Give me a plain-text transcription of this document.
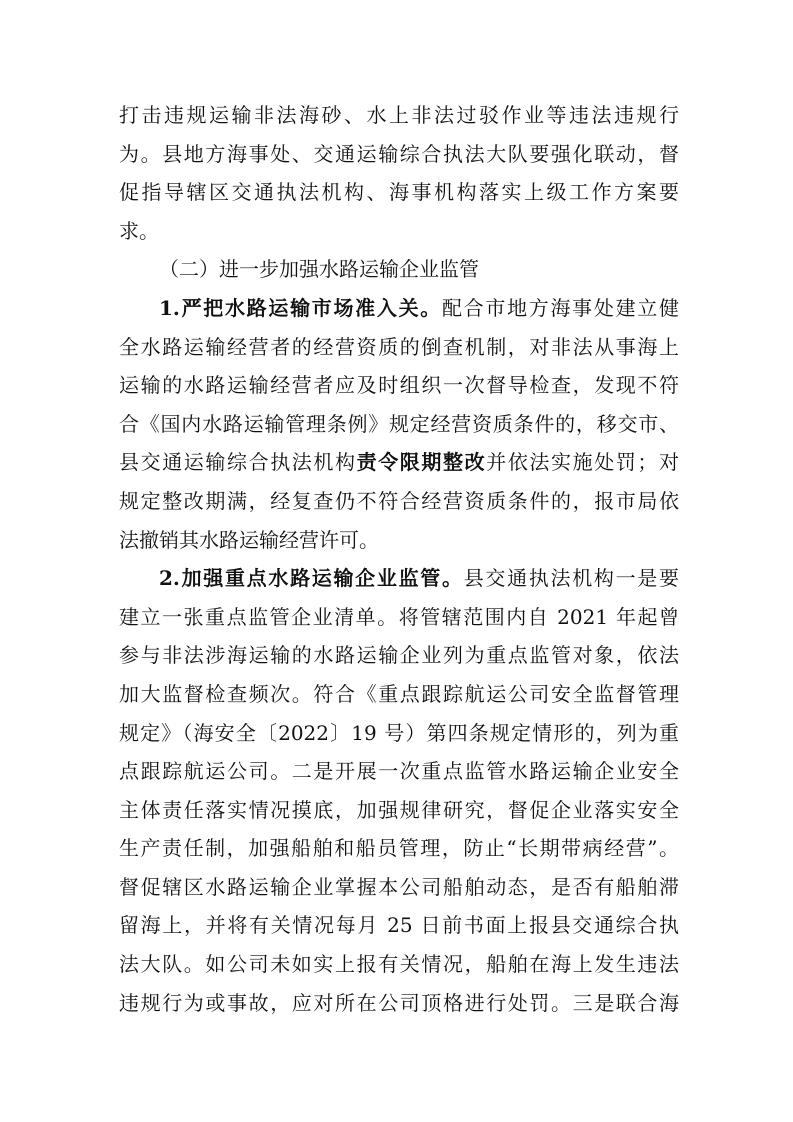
打击违规运输非法海砂、水上非法过驳作业等违法违规行
为。县地方海事处、交通运输综合执法大队要强化联动，督
促指导辖区交通执法机构、海事机构落实上级工作方案要
求。
（二）进一步加强水路运输企业监管
1.严把水路运输市场准入关。配合市地方海事处建立健
全水路运输经营者的经营资质的倒查机制，对非法从事海上
运输的水路运输经营者应及时组织一次督导检查，发现不符
合《国内水路运输管理条例》规定经营资质条件的，移交市、
县交通运输综合执法机构责令限期整改并依法实施处罚；对
规定整改期满，经复查仍不符合经营资质条件的，报市局依
法撤销其水路运输经营许可。
2.加强重点水路运输企业监管。县交通执法机构一是要
建立一张重点监管企业清单。将管辖范围内自 2021 年起曾
参与非法涉海运输的水路运输企业列为重点监管对象，依法
加大监督检查频次。符合《重点跟踪航运公司安全监督管理
规定》（海安全〔2022〕19 号）第四条规定情形的，列为重
点跟踪航运公司。二是开展一次重点监管水路运输企业安全
主体责任落实情况摸底，加强规律研究，督促企业落实安全
生产责任制，加强船舶和船员管理，防止“长期带病经营”。
督促辖区水路运输企业掌握本公司船舶动态，是否有船舶滞
留海上，并将有关情况每月 25 日前书面上报县交通综合执
法大队。如公司未如实上报有关情况，船舶在海上发生违法
违规行为或事故，应对所在公司顶格进行处罚。三是联合海
